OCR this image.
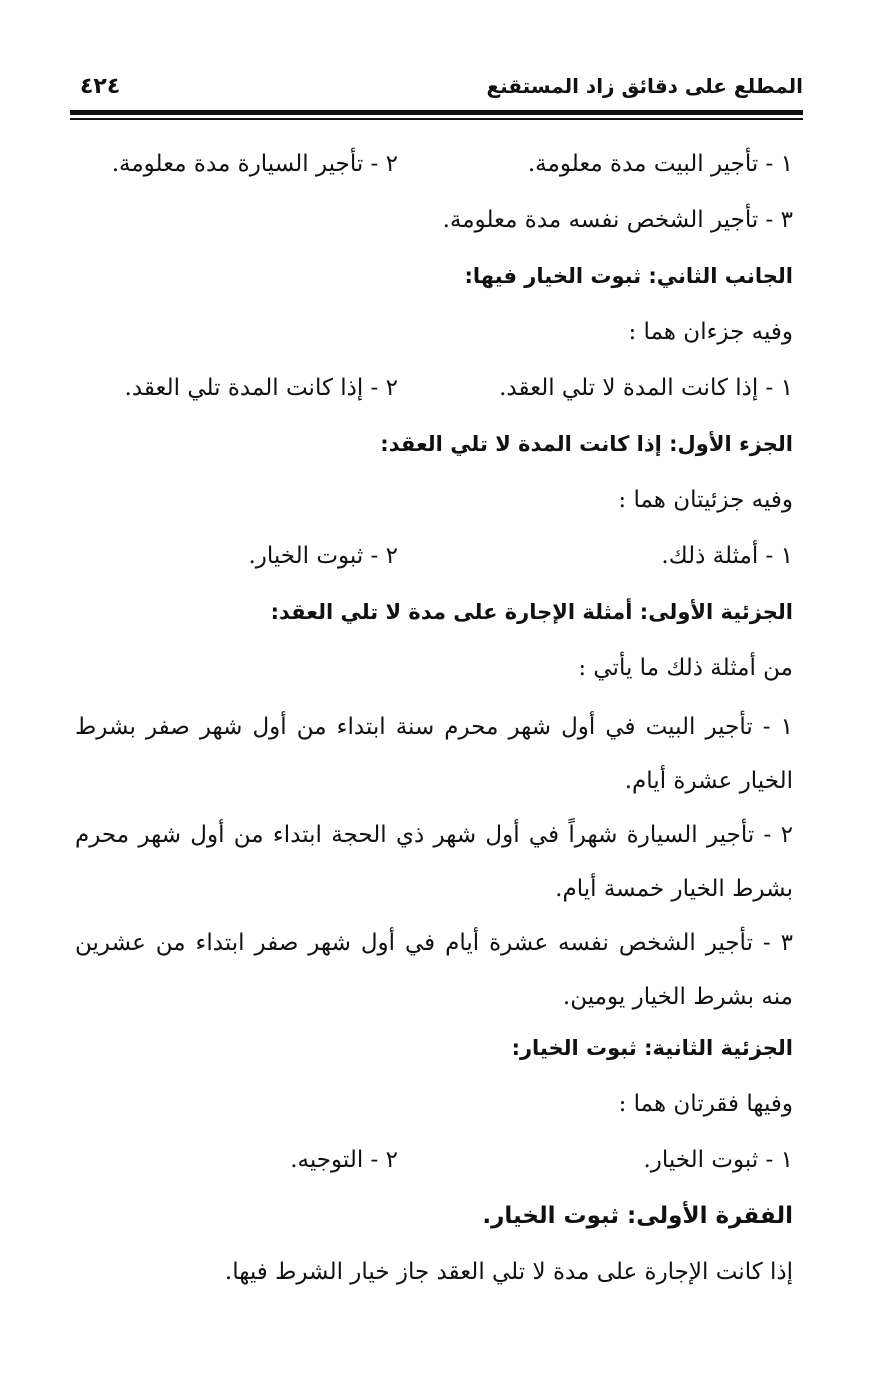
٤٢٤	المطلع على دقائق زاد المستقنع
١ - تأجير البيت مدة معلومة.
٢ - تأجير السيارة مدة معلومة.
٣ - تأجير الشخص نفسه مدة معلومة.
الجانب الثاني: ثبوت الخيار فيها:
وفيه جزءان هما :
١ - إذا كانت المدة لا تلي العقد.
٢ - إذا كانت المدة تلي العقد.
الجزء الأول: إذا كانت المدة لا تلي العقد:
وفيه جزئيتان هما :
١ - أمثلة ذلك.
٢ - ثبوت الخيار.
الجزئية الأولى: أمثلة الإجارة على مدة لا تلي العقد:
من أمثلة ذلك ما يأتي :
١ - تأجير البيت في أول شهر محرم سنة ابتداء من أول شهر صفر بشرط الخيار عشرة أيام.
٢ - تأجير السيارة شهراً في أول شهر ذي الحجة ابتداء من أول شهر محرم بشرط الخيار خمسة أيام.
٣ - تأجير الشخص نفسه عشرة أيام في أول شهر صفر ابتداء من عشرين منه بشرط الخيار يومين.
الجزئية الثانية: ثبوت الخيار:
وفيها فقرتان هما :
١ - ثبوت الخيار.
٢ - التوجيه.
الفقرة الأولى: ثبوت الخيار.
إذا كانت الإجارة على مدة لا تلي العقد جاز خيار الشرط فيها.
